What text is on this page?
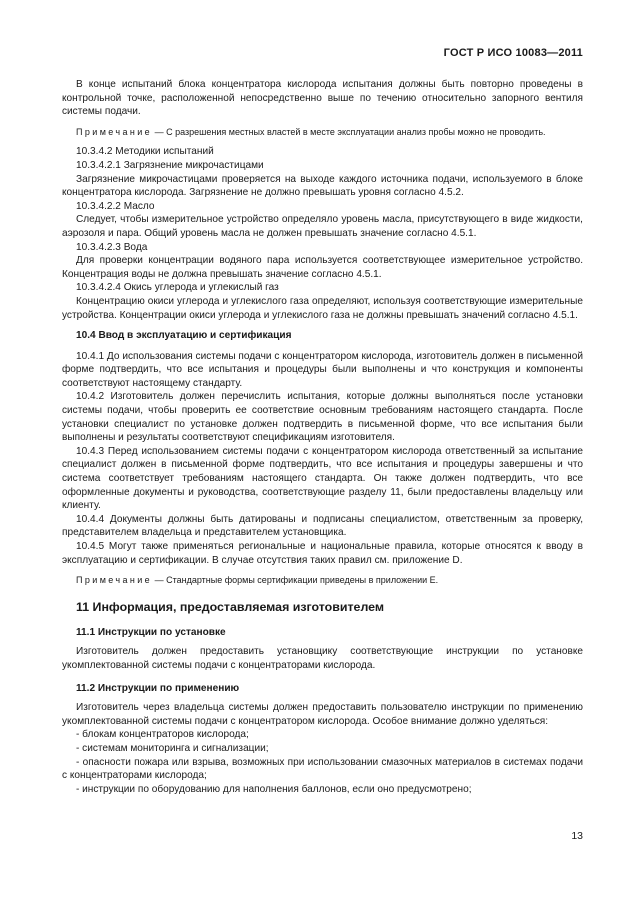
ГОСТ Р ИСО 10083—2011

В конце испытаний блока концентратора кислорода испытания должны быть повторно проведены в контрольной точке, расположенной непосредственно выше по течению относительно запорного вентиля системы подачи.

Примечание — С разрешения местных властей в месте эксплуатации анализ пробы можно не проводить.

10.3.4.2 Методики испытаний

10.3.4.2.1 Загрязнение микрочастицами

Загрязнение микрочастицами проверяется на выходе каждого источника подачи, используемого в блоке концентратора кислорода. Загрязнение не должно превышать уровня согласно 4.5.2.

10.3.4.2.2 Масло

Следует, чтобы измерительное устройство определяло уровень масла, присутствующего в виде жидкости, аэрозоля и пара. Общий уровень масла не должен превышать значение согласно 4.5.1.

10.3.4.2.3 Вода

Для проверки концентрации водяного пара используется соответствующее измерительное устройство. Концентрация воды не должна превышать значение согласно 4.5.1.

10.3.4.2.4 Окись углерода и углекислый газ

Концентрацию окиси углерода и углекислого газа определяют, используя соответствующие измерительные устройства. Концентрации окиси углерода и углекислого газа не должны превышать значений согласно 4.5.1.

10.4 Ввод в эксплуатацию и сертификация

10.4.1 До использования системы подачи с концентратором кислорода, изготовитель должен в письменной форме подтвердить, что все испытания и процедуры были выполнены и что конструкция и компоненты соответствуют настоящему стандарту.

10.4.2 Изготовитель должен перечислить испытания, которые должны выполняться после установки системы подачи, чтобы проверить ее соответствие основным требованиям настоящего стандарта. После установки специалист по установке должен подтвердить в письменной форме, что все испытания были выполнены и результаты соответствуют спецификациям изготовителя.

10.4.3 Перед использованием системы подачи с концентратором кислорода ответственный за испытание специалист должен в письменной форме подтвердить, что все испытания и процедуры завершены и что система соответствует требованиям настоящего стандарта. Он также должен подтвердить, что все оформленные документы и руководства, соответствующие разделу 11, были предоставлены владельцу или клиенту.

10.4.4 Документы должны быть датированы и подписаны специалистом, ответственным за проверку, представителем владельца и представителем установщика.

10.4.5 Могут также применяться региональные и национальные правила, которые относятся к вводу в эксплуатацию и сертификации. В случае отсутствия таких правил см. приложение D.

Примечание — Стандартные формы сертификации приведены в приложении E.
11 Информация, предоставляемая изготовителем
11.1 Инструкции по установке

Изготовитель должен предоставить установщику соответствующие инструкции по установке укомплектованной системы подачи с концентраторами кислорода.

11.2 Инструкции по применению

Изготовитель через владельца системы должен предоставить пользователю инструкции по применению укомплектованной системы подачи с концентратором кислорода. Особое внимание должно уделяться:

- блокам концентраторов кислорода;

- системам мониторинга и сигнализации;

- опасности пожара или взрыва, возможных при использовании смазочных материалов в системах подачи с концентраторами кислорода;

- инструкции по оборудованию для наполнения баллонов, если оно предусмотрено;

13
